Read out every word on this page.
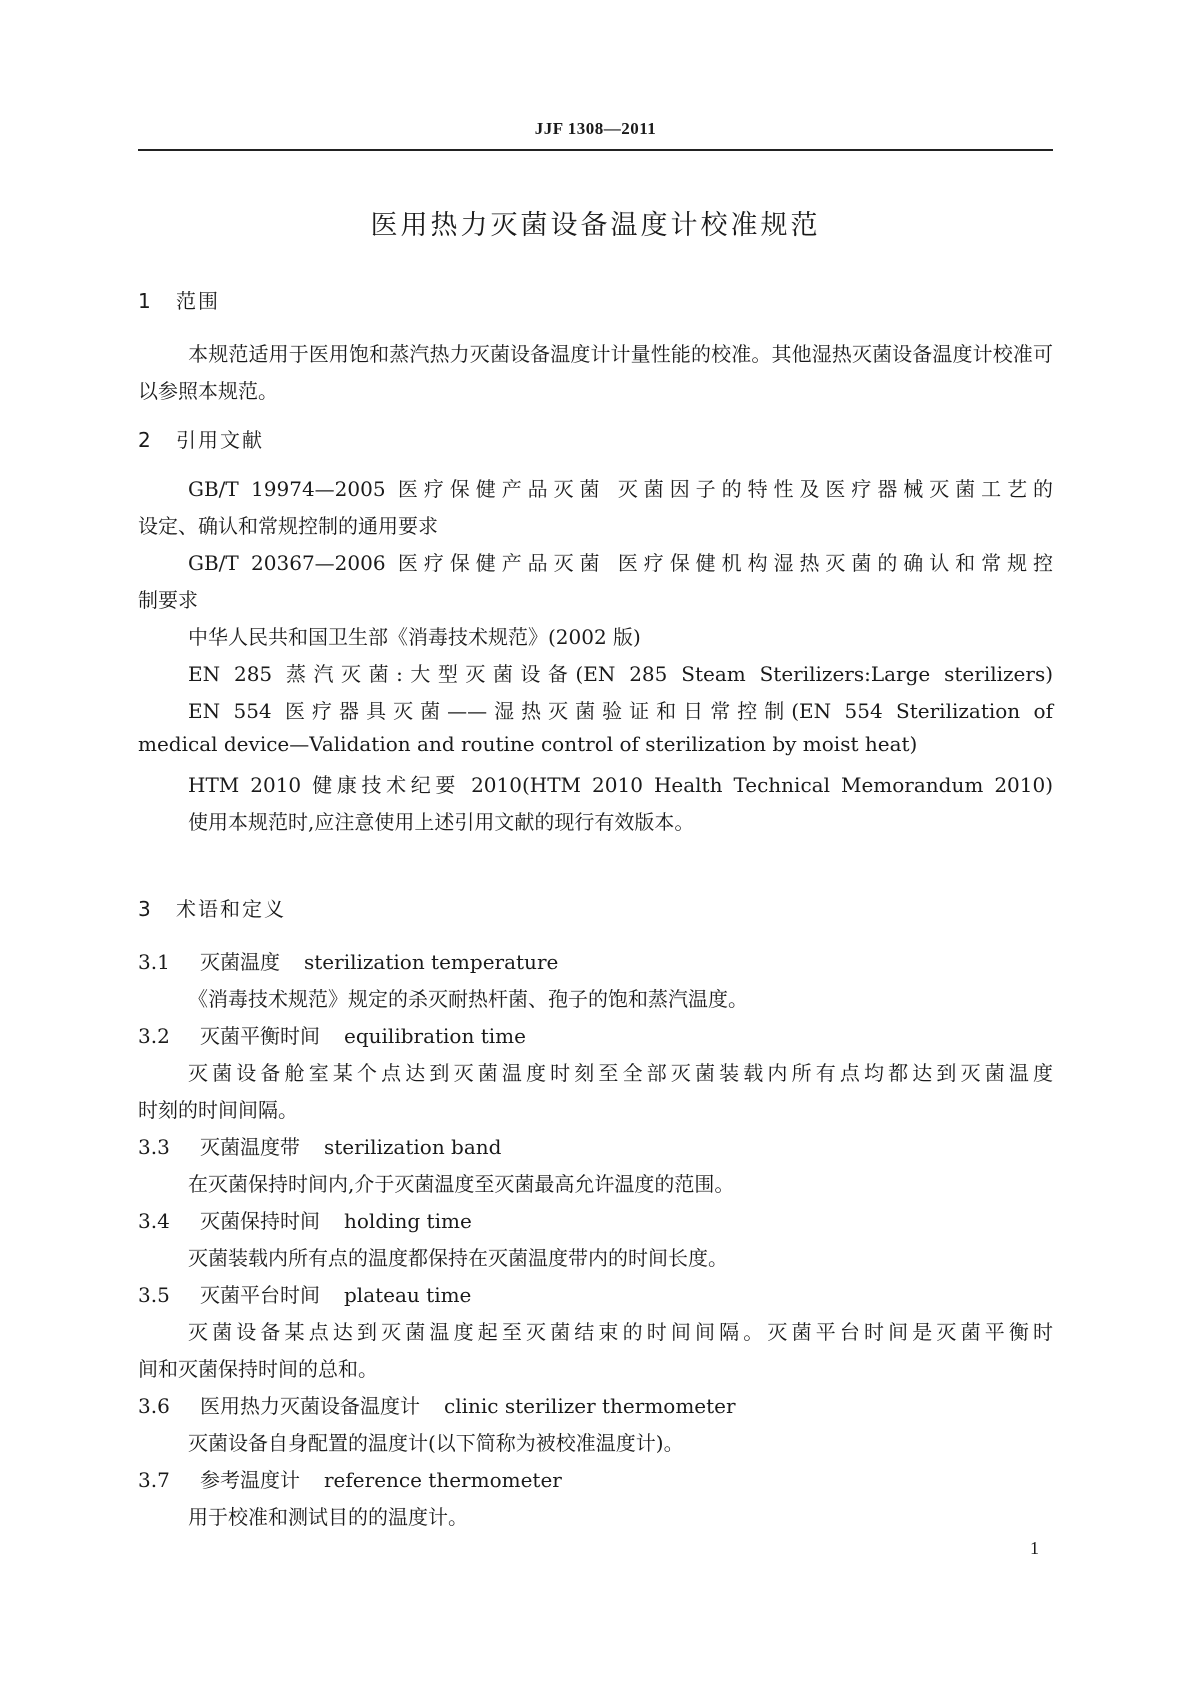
JJF 1308—2011
医用热力灭菌设备温度计校准规范
1 范围
本规范适用于医用饱和蒸汽热力灭菌设备温度计计量性能的校准。其他湿热灭菌设备温度计校准可以参照本规范。
2 引用文献
GB/T 19974—2005 医疗保健产品灭菌 灭菌因子的特性及医疗器械灭菌工艺的
设定、确认和常规控制的通用要求
GB/T 20367—2006 医疗保健产品灭菌 医疗保健机构湿热灭菌的确认和常规控
制要求
中华人民共和国卫生部《消毒技术规范》(2002 版)
EN 285 蒸汽灭菌:大型灭菌设备(EN 285 Steam Sterilizers:Large sterilizers)
EN 554 医疗器具灭菌——湿热灭菌验证和日常控制(EN 554 Sterilization of
medical device—Validation and routine control of sterilization by moist heat)
HTM 2010 健康技术纪要 2010(HTM 2010 Health Technical Memorandum 2010)
使用本规范时,应注意使用上述引用文献的现行有效版本。
3 术语和定义
3.1 灭菌温度 sterilization temperature
《消毒技术规范》规定的杀灭耐热杆菌、孢子的饱和蒸汽温度。
3.2 灭菌平衡时间 equilibration time
灭菌设备舱室某个点达到灭菌温度时刻至全部灭菌装载内所有点均都达到灭菌温度
时刻的时间间隔。
3.3 灭菌温度带 sterilization band
在灭菌保持时间内,介于灭菌温度至灭菌最高允许温度的范围。
3.4 灭菌保持时间 holding time
灭菌装载内所有点的温度都保持在灭菌温度带内的时间长度。
3.5 灭菌平台时间 plateau time
灭菌设备某点达到灭菌温度起至灭菌结束的时间间隔。灭菌平台时间是灭菌平衡时
间和灭菌保持时间的总和。
3.6 医用热力灭菌设备温度计 clinic sterilizer thermometer
灭菌设备自身配置的温度计(以下简称为被校准温度计)。
3.7 参考温度计 reference thermometer
用于校准和测试目的的温度计。
1
